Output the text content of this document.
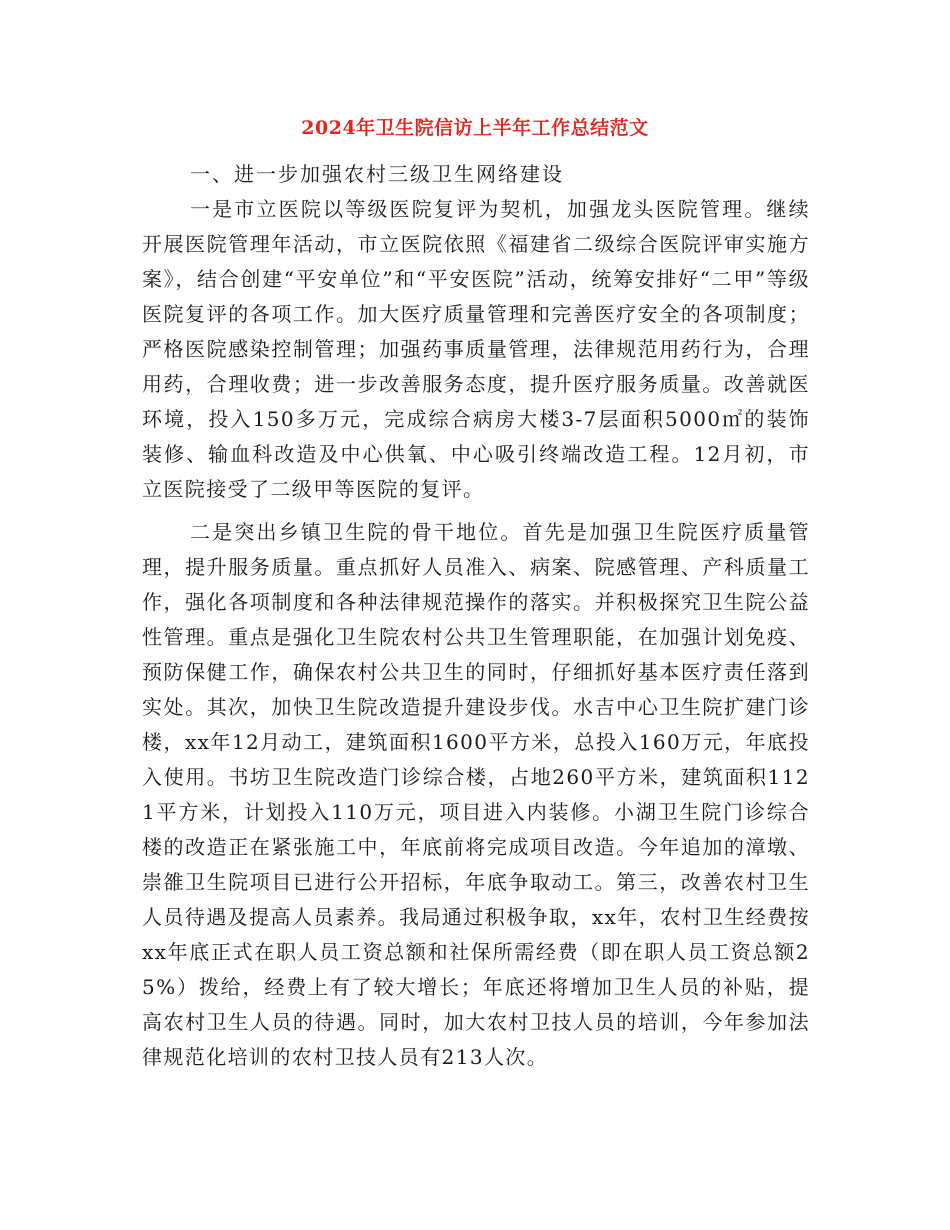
2024年卫生院信访上半年工作总结范文

一、进一步加强农村三级卫生网络建设

一是市立医院以等级医院复评为契机，加强龙头医院管理。继续开展医院管理年活动，市立医院依照《福建省二级综合医院评审实施方案》，结合创建“平安单位”和“平安医院”活动，统筹安排好“二甲”等级医院复评的各项工作。加大医疗质量管理和完善医疗安全的各项制度；严格医院感染控制管理；加强药事质量管理，法律规范用药行为，合理用药，合理收费；进一步改善服务态度，提升医疗服务质量。改善就医环境，投入150多万元，完成综合病房大楼3-7层面积5000㎡的装饰装修、输血科改造及中心供氧、中心吸引终端改造工程。12月初，市立医院接受了二级甲等医院的复评。

二是突出乡镇卫生院的骨干地位。首先是加强卫生院医疗质量管理，提升服务质量。重点抓好人员准入、病案、院感管理、产科质量工作，强化各项制度和各种法律规范操作的落实。并积极探究卫生院公益性管理。重点是强化卫生院农村公共卫生管理职能，在加强计划免疫、预防保健工作，确保农村公共卫生的同时，仔细抓好基本医疗责任落到实处。其次，加快卫生院改造提升建设步伐。水吉中心卫生院扩建门诊楼，xx年12月动工，建筑面积1600平方米，总投入160万元，年底投入使用。书坊卫生院改造门诊综合楼，占地260平方米，建筑面积1121平方米，计划投入110万元，项目进入内装修。小湖卫生院门诊综合楼的改造正在紧张施工中，年底前将完成项目改造。今年追加的漳墩、崇雒卫生院项目已进行公开招标，年底争取动工。第三，改善农村卫生人员待遇及提高人员素养。我局通过积极争取，xx年，农村卫生经费按xx年底正式在职人员工资总额和社保所需经费（即在职人员工资总额25%）拨给，经费上有了较大增长；年底还将增加卫生人员的补贴，提高农村卫生人员的待遇。同时，加大农村卫技人员的培训，今年参加法律规范化培训的农村卫技人员有213人次。
